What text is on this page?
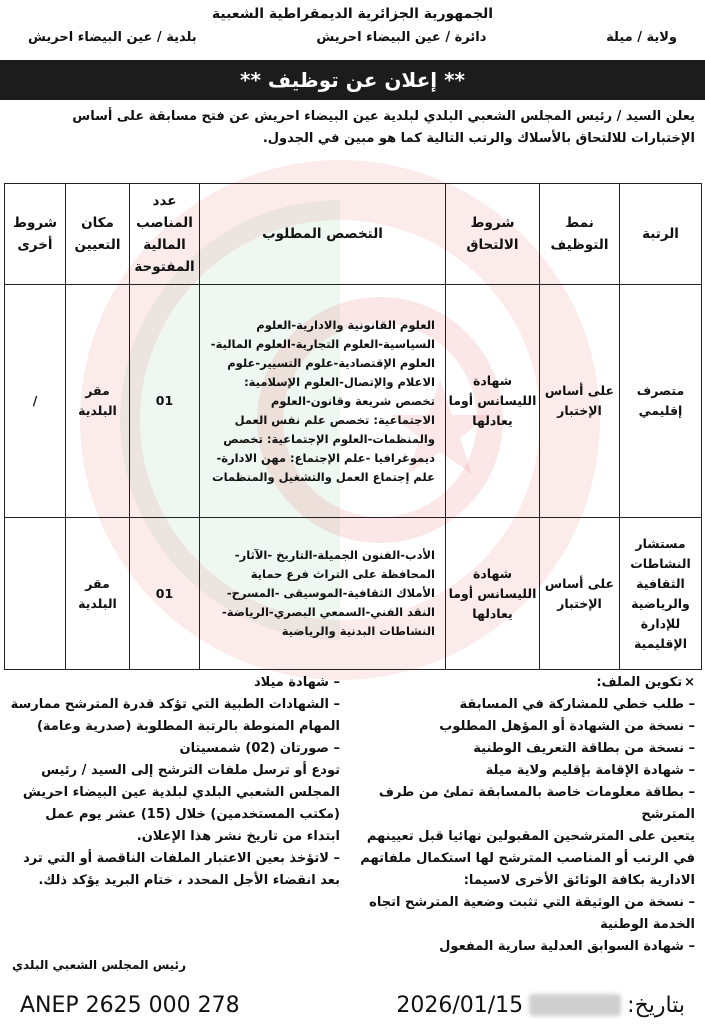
الجمهورية الجزائرية الديمقراطية الشعبية
ولاية / ميلة
دائرة / عين البيضاء احريش
بلدية / عين البيضاء احريش
** إعلان عن توظيف **
يعلن السيد / رئيس المجلس الشعبي البلدي لبلدية عين البيضاء احريش عن فتح مسابقة على أساس الإختبارات للالتحاق بالأسلاك والرتب التالية كما هو مبين في الجدول.
الرتبة	نمط التوظيف	شروط الالتحاق	التخصص المطلوب	عدد المناصب المالية المفتوحة	مكان التعيين	شروط أخرى
متصرف إقليمي	على أساس الإختبار	شهادة الليسانس أوما يعادلها	العلوم القانونية والادارية-العلوم السياسية-العلوم التجارية-العلوم المالية-العلوم الإقتصادية-علوم التسيير-علوم الاعلام والإتصال-العلوم الإسلامية: تخصص شريعة وقانون-العلوم الاجتماعية: تخصص علم نفس العمل والمنظمات-العلوم الإجتماعية: تخصص ديموغرافيا -علم الإجتماع: مهن الادارة- علم إجتماع العمل والتشغيل والمنظمات	01	مقر البلدية	/
مستشار النشاطات الثقافية والرياضية للإدارة الإقليمية	على أساس الإختبار	شهادة الليسانس أوما يعادلها	الأدب-الفنون الجميلة-التاريخ -الآثار-المحافظة على التراث فرع حماية الأملاك الثقافية-الموسيقى -المسرح-النقد الفني-السمعي البصري-الرياضة-النشاطات البدنية والرياضية	01	مقر البلدية	
×
تكوين الملف:

– طلب خطي للمشاركة في المسابقة

– نسخة من الشهادة أو المؤهل المطلوب

– نسخة من بطاقة التعريف الوطنية

– شهادة الإقامة بإقليم ولاية ميلة

– بطاقة معلومات خاصة بالمسابقة تملئ من طرف المترشح

يتعين على المترشحين المقبولين نهائيا قبل تعيينهم في الرتب أو المناصب المترشح لها استكمال ملفاتهم الادارية بكافة الوثائق الأخرى لاسيما:

– نسخة من الوثيقة التي تثبت وضعية المترشح اتجاه الخدمة الوطنية

– شهادة السوابق العدلية سارية المفعول

– شهادة ميلاد

– الشهادات الطبية التي تؤكد قدرة المترشح ممارسة المهام المنوطة بالرتبة المطلوبة (صدرية وعامة)

– صورتان (02) شمسيتان

تودع أو ترسل ملفات الترشح إلى السيد / رئيس المجلس الشعبي البلدي لبلدية عين البيضاء احريش (مكتب المستخدمين) خلال (15) عشر يوم عمل ابتداء من تاريخ نشر هذا الإعلان.

– لاتؤخذ بعين الاعتبار الملفات الناقصة أو التي ترد بعد انقضاء الأجل المحدد ، ختام البريد يؤكد ذلك.

رئيس المجلس الشعبي البلدي
بتاريخ:
2026/01/15
ANEP 2625 000 278
